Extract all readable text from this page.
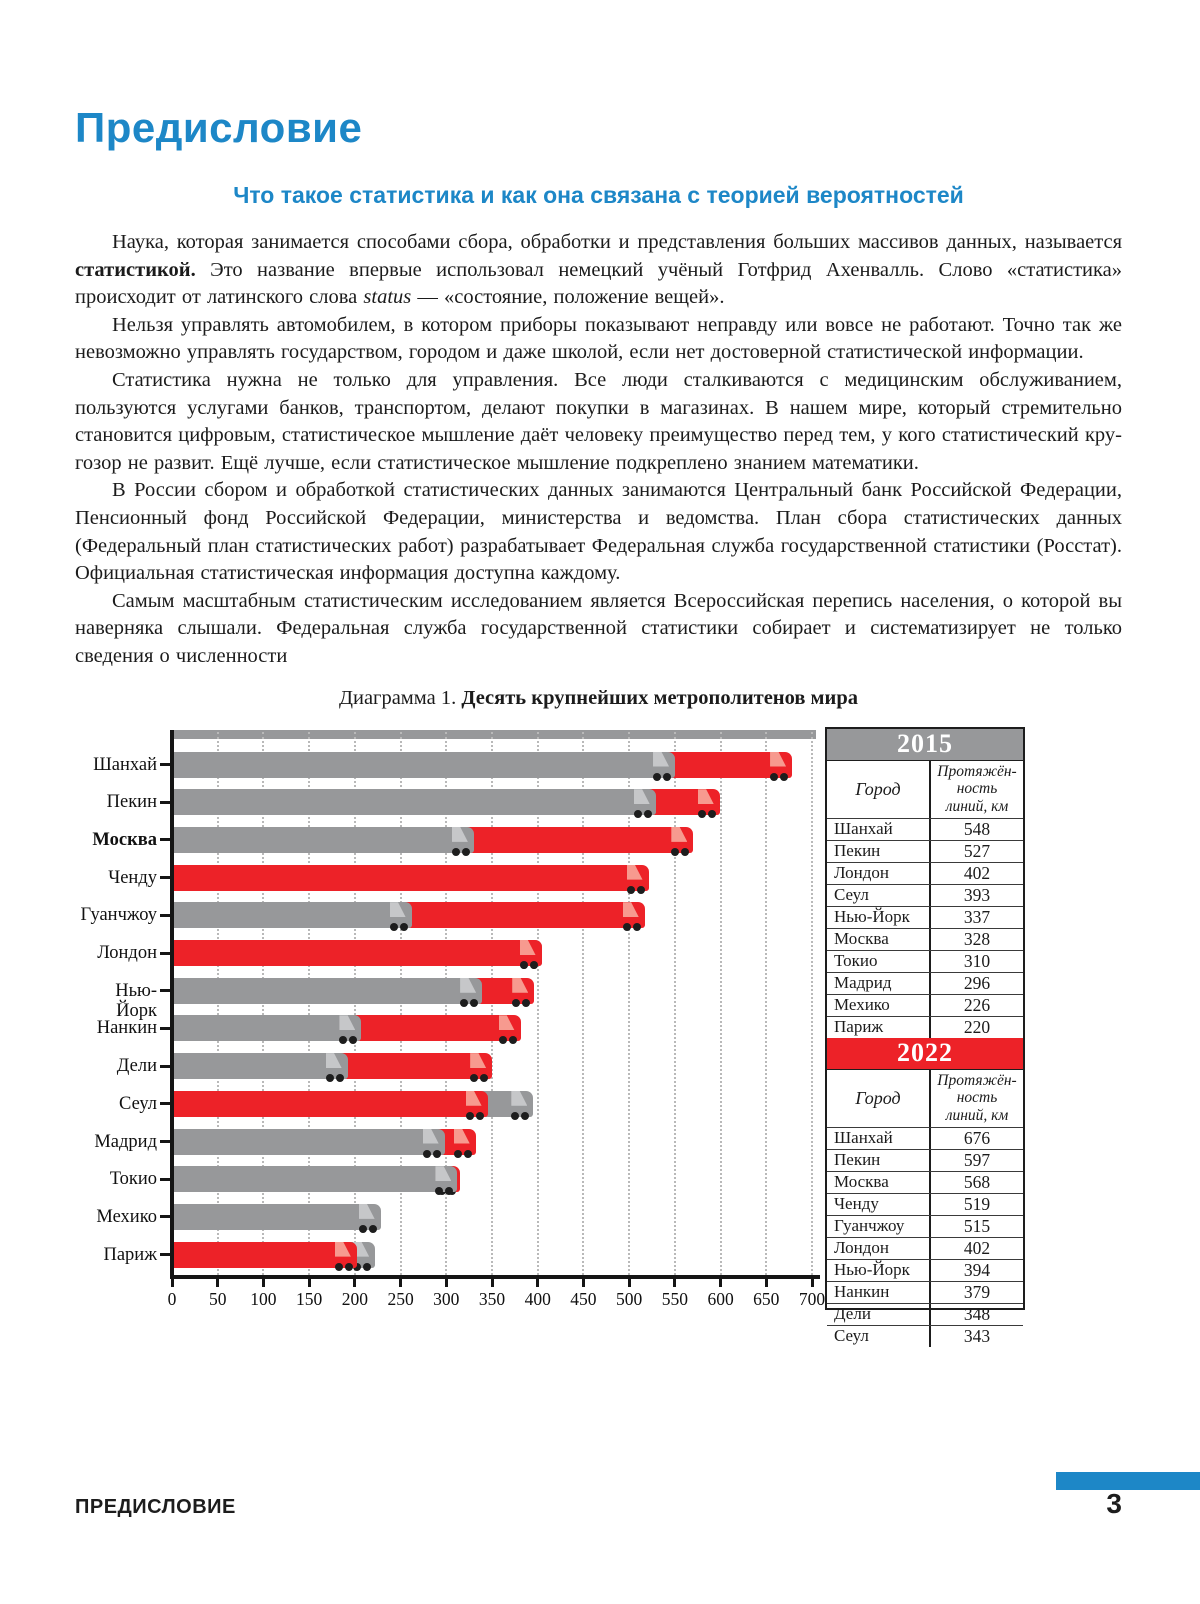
Предисловие
Что такое статистика и как она связана с теорией вероятностей

Наука, которая занимается способами сбора, обработки и представления больших массивов данных, называется статистикой. Это название впервые использовал немецкий учёный Готфрид Ахенвалль. Слово «статистика» происходит от латинского слова status — «состояние, положение вещей».

Нельзя управлять автомобилем, в котором приборы показывают неправду или вовсе не работают. Точно так же невозможно управлять государством, городом и даже школой, если нет достоверной статистической информации.

Статистика нужна не только для управления. Все люди сталкиваются с медицинским обслуживанием, пользуются услугами банков, транспортом, делают покупки в магазинах. В нашем мире, который стремительно становится цифровым, статистическое мышление даёт человеку преимущество перед тем, у кого статистический кругозор не развит. Ещё лучше, если статистическое мышление подкреплено знанием математики.

В России сбором и обработкой статистических данных занимаются Центральный банк Российской Федерации, Пенсионный фонд Российской Федерации, министерства и ведомства. План сбора статистических данных (Федеральный план статистических работ) разрабатывает Федеральная служба государственной статистики (Росстат). Официальная статистическая информация доступна каждому.

Самым масштабным статистическим исследованием является Всероссийская перепись населения, о которой вы наверняка слышали. Федеральная служба государственной статистики собирает и систематизирует не только сведения о численности

Диаграмма 1. Десять крупнейших метрополитенов мира
0	50	100	150	200	250	300	350	400	450	500	550	600	650	700
Шанхай
Пекин
Москва
Ченду
Гуанчжоу
Лондон
Нью-Йорк
Нанкин
Дели
Сеул
Мадрид
Токио
Мехико
Париж
2015
Город
Протяжён-
ность
линий, км
Шанхай	548
Пекин	527
Лондон	402
Сеул	393
Нью-Йорк	337
Москва	328
Токио	310
Мадрид	296
Мехико	226
Париж	220
2022
Город
Протяжён-
ность
линий, км
Шанхай	676
Пекин	597
Москва	568
Ченду	519
Гуанчжоу	515
Лондон	402
Нью-Йорк	394
Нанкин	379
Дели	348
Сеул	343
ПРЕДИСЛОВИЕ	3
